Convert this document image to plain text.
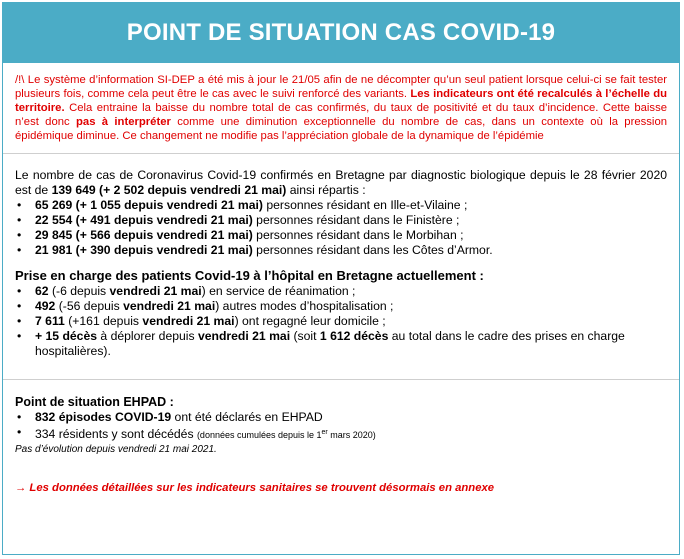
POINT DE SITUATION CAS COVID-19

/!\ Le système d’information SI-DEP a été mis à jour le 21/05 afin de ne décompter qu’un seul patient lorsque celui-ci se fait tester plusieurs fois, comme cela peut être le cas avec le suivi renforcé des variants. Les indicateurs ont été recalculés à l’échelle du territoire. Cela entraine la baisse du nombre total de cas confirmés, du taux de positivité et du taux d’incidence. Cette baisse n’est donc pas à interpréter comme une diminution exceptionnelle du nombre de cas, dans un contexte où la pression épidémique diminue. Ce changement ne modifie pas l’appréciation globale de la dynamique de l’épidémie

Le nombre de cas de Coronavirus Covid-19 confirmés en Bretagne par diagnostic biologique depuis le 28 février 2020 est de 139 649 (+ 2 502 depuis vendredi 21 mai) ainsi répartis :

• 65 269 (+ 1 055 depuis vendredi 21 mai) personnes résidant en Ille-et-Vilaine ;
• 22 554 (+ 491 depuis vendredi 21 mai) personnes résidant dans le Finistère ;
• 29 845 (+ 566 depuis vendredi 21 mai) personnes résidant dans le Morbihan ;
• 21 981 (+ 390 depuis vendredi 21 mai) personnes résidant dans les Côtes d’Armor.

Prise en charge des patients Covid-19 à l’hôpital en Bretagne actuellement :

• 62 (-6 depuis vendredi 21 mai) en service de réanimation ;
• 492 (-56 depuis vendredi 21 mai) autres modes d’hospitalisation ;
• 7 611 (+161 depuis vendredi 21 mai) ont regagné leur domicile ;
• + 15 décès à déplorer depuis vendredi 21 mai (soit 1 612 décès au total dans le cadre des prises en charge hospitalières).

Point de situation EHPAD :

• 832 épisodes COVID-19 ont été déclarés en EHPAD
• 334 résidents y sont décédés (données cumulées depuis le 1er mars 2020)

Pas d’évolution depuis vendredi 21 mai 2021.

→ Les données détaillées sur les indicateurs sanitaires se trouvent désormais en annexe
